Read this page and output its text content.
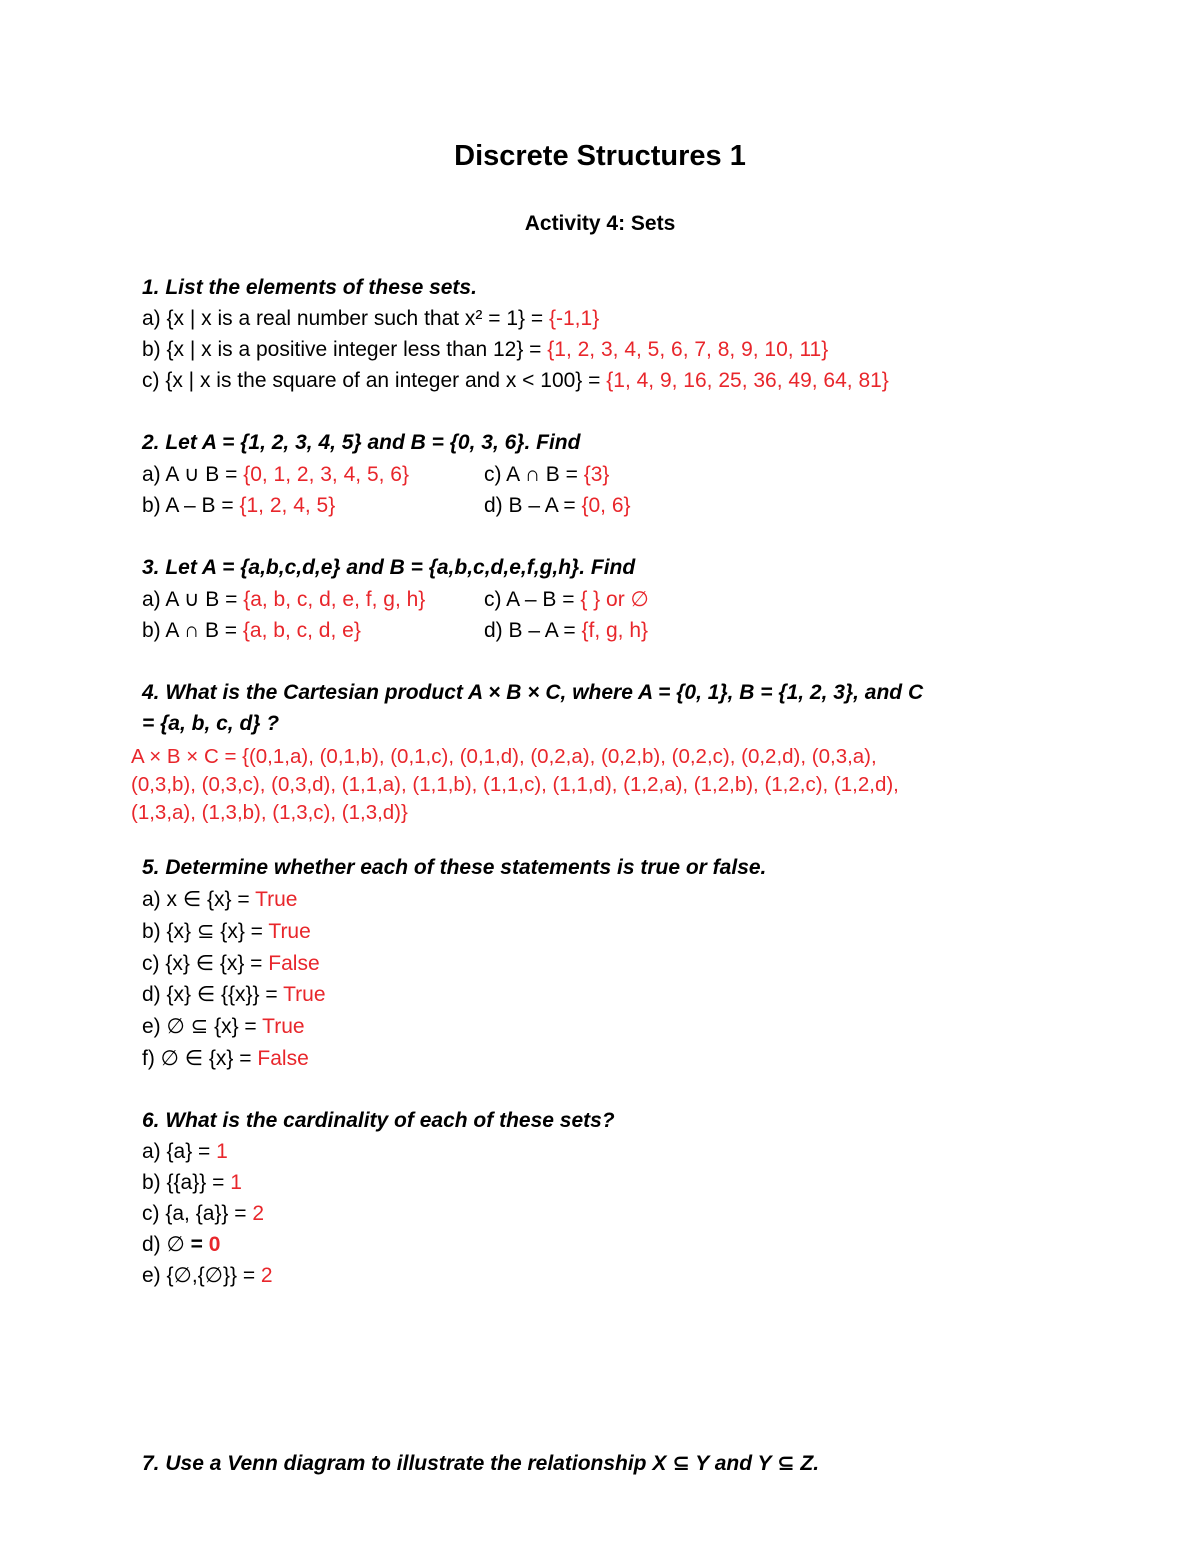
Discrete Structures 1
Activity 4: Sets
1. List the elements of these sets.
a) {x | x is a real number such that x² = 1} = {-1,1}
b) {x | x is a positive integer less than 12} = {1, 2, 3, 4, 5, 6, 7, 8, 9, 10, 11}
c) {x | x is the square of an integer and x < 100} = {1, 4, 9, 16, 25, 36, 49, 64, 81}
2. Let A = {1, 2, 3, 4, 5} and B = {0, 3, 6}. Find
a) A ∪ B = {0, 1, 2, 3, 4, 5, 6}	c) A ∩ B = {3}
b) A – B = {1, 2, 4, 5}	d) B – A = {0, 6}
3. Let A = {a,b,c,d,e} and B = {a,b,c,d,e,f,g,h}. Find
a) A ∪ B = {a, b, c, d, e, f, g, h}	c) A – B = { } or ∅
b) A ∩ B = {a, b, c, d, e}	d) B – A = {f, g, h}
4. What is the Cartesian product A × B × C, where A = {0, 1}, B = {1, 2, 3}, and C
= {a, b, c, d} ?
A × B × C = {(0,1,a), (0,1,b), (0,1,c), (0,1,d), (0,2,a), (0,2,b), (0,2,c), (0,2,d), (0,3,a),
(0,3,b), (0,3,c), (0,3,d), (1,1,a), (1,1,b), (1,1,c), (1,1,d), (1,2,a), (1,2,b), (1,2,c), (1,2,d),
(1,3,a), (1,3,b), (1,3,c), (1,3,d)}
5. Determine whether each of these statements is true or false.
a) x ∈ {x} = True
b) {x} ⊆ {x} = True
c) {x} ∈ {x} = False
d) {x} ∈ {{x}} = True
e) ∅ ⊆ {x} = True
f) ∅ ∈ {x} = False
6. What is the cardinality of each of these sets?
a) {a} = 1
b) {{a}} = 1
c) {a, {a}} = 2
d) ∅ = 0
e) {∅,{∅}} = 2
7. Use a Venn diagram to illustrate the relationship X ⊆ Y and Y ⊆ Z.
